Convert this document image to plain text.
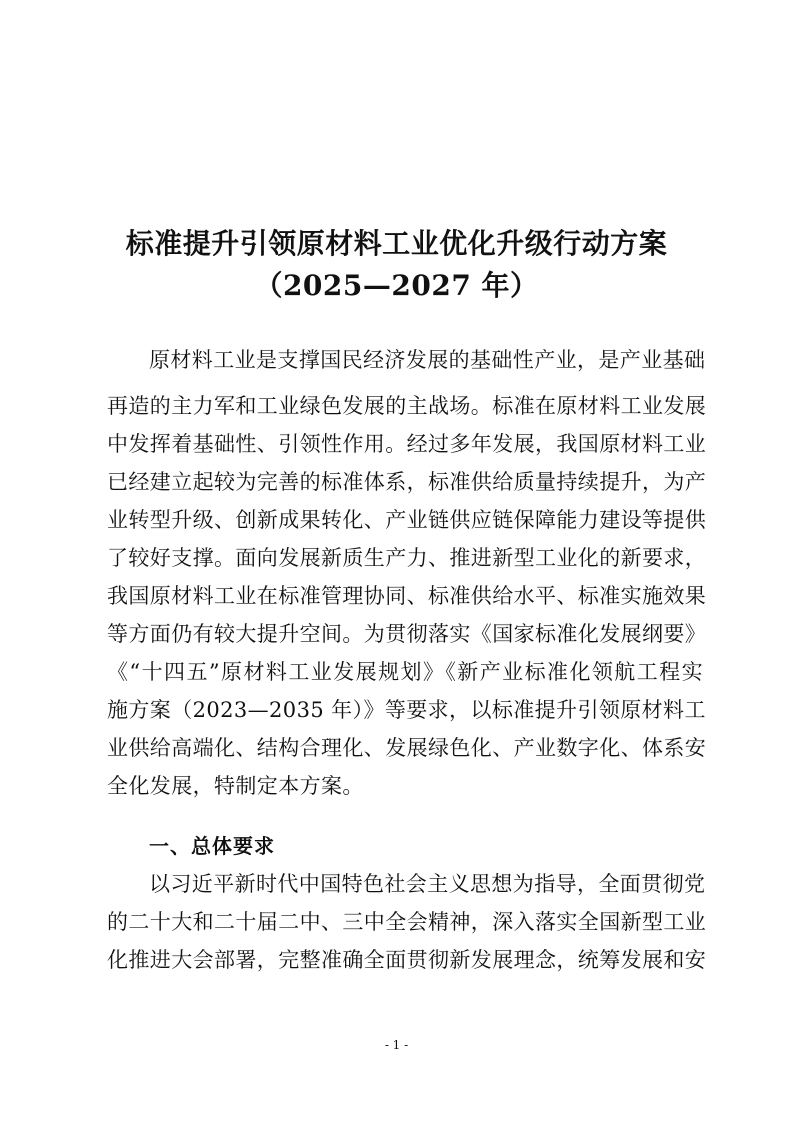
标准提升引领原材料工业优化升级行动方案
（2025—2027 年）
原材料工业是支撑国民经济发展的基础性产业，是产业基础
再造的主力军和工业绿色发展的主战场。标准在原材料工业发展
中发挥着基础性、引领性作用。经过多年发展，我国原材料工业
已经建立起较为完善的标准体系，标准供给质量持续提升，为产
业转型升级、创新成果转化、产业链供应链保障能力建设等提供
了较好支撑。面向发展新质生产力、推进新型工业化的新要求，
我国原材料工业在标准管理协同、标准供给水平、标准实施效果
等方面仍有较大提升空间。为贯彻落实《国家标准化发展纲要》
《“十四五”原材料工业发展规划》《新产业标准化领航工程实
施方案（2023—2035 年）》等要求，以标准提升引领原材料工
业供给高端化、结构合理化、发展绿色化、产业数字化、体系安
全化发展，特制定本方案。
一、总体要求
以习近平新时代中国特色社会主义思想为指导，全面贯彻党
的二十大和二十届二中、三中全会精神，深入落实全国新型工业
化推进大会部署，完整准确全面贯彻新发展理念，统筹发展和安
- 1 -
